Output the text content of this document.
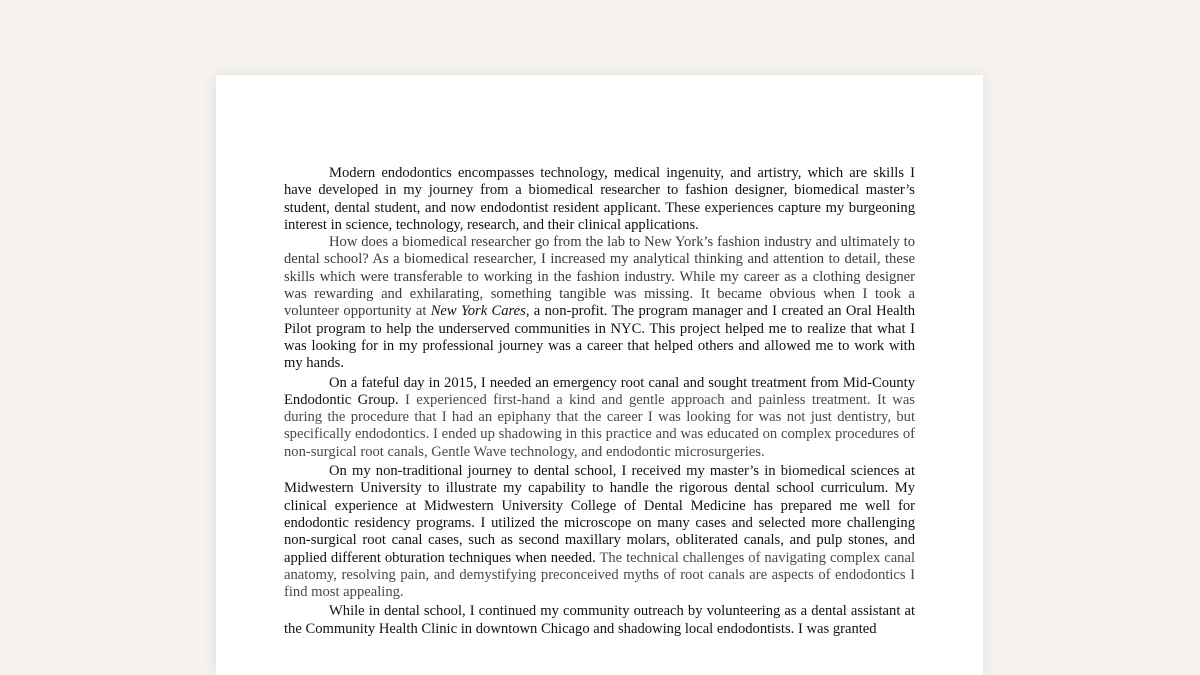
Modern endodontics encompasses technology, medical ingenuity, and artistry, which are skills I have developed in my journey from a biomedical researcher to fashion designer, biomedical master’s student, dental student, and now endodontist resident applicant. These experiences capture my burgeoning interest in science, technology, research, and their clinical applications.

How does a biomedical researcher go from the lab to New York’s fashion industry and ultimately to dental school? As a biomedical researcher, I increased my analytical thinking and attention to detail, these skills which were transferable to working in the fashion industry. While my career as a clothing designer was rewarding and exhilarating, something tangible was missing. It became obvious when I took a volunteer opportunity at New York Cares, a non-profit. The program manager and I created an Oral Health Pilot program to help the underserved communities in NYC. This project helped me to realize that what I was looking for in my professional journey was a career that helped others and allowed me to work with my hands.

On a fateful day in 2015, I needed an emergency root canal and sought treatment from Mid-County Endodontic Group. I experienced first-hand a kind and gentle approach and painless treatment. It was during the procedure that I had an epiphany that the career I was looking for was not just dentistry, but specifically endodontics. I ended up shadowing in this practice and was educated on complex procedures of non-surgical root canals, Gentle Wave technology, and endodontic microsurgeries.

On my non-traditional journey to dental school, I received my master’s in biomedical sciences at Midwestern University to illustrate my capability to handle the rigorous dental school curriculum. My clinical experience at Midwestern University College of Dental Medicine has prepared me well for endodontic residency programs. I utilized the microscope on many cases and selected more challenging non-surgical root canal cases, such as second maxillary molars, obliterated canals, and pulp stones, and applied different obturation techniques when needed. The technical challenges of navigating complex canal anatomy, resolving pain, and demystifying preconceived myths of root canals are aspects of endodontics I find most appealing.

While in dental school, I continued my community outreach by volunteering as a dental assistant at the Community Health Clinic in downtown Chicago and shadowing local endodontists. I was granted
